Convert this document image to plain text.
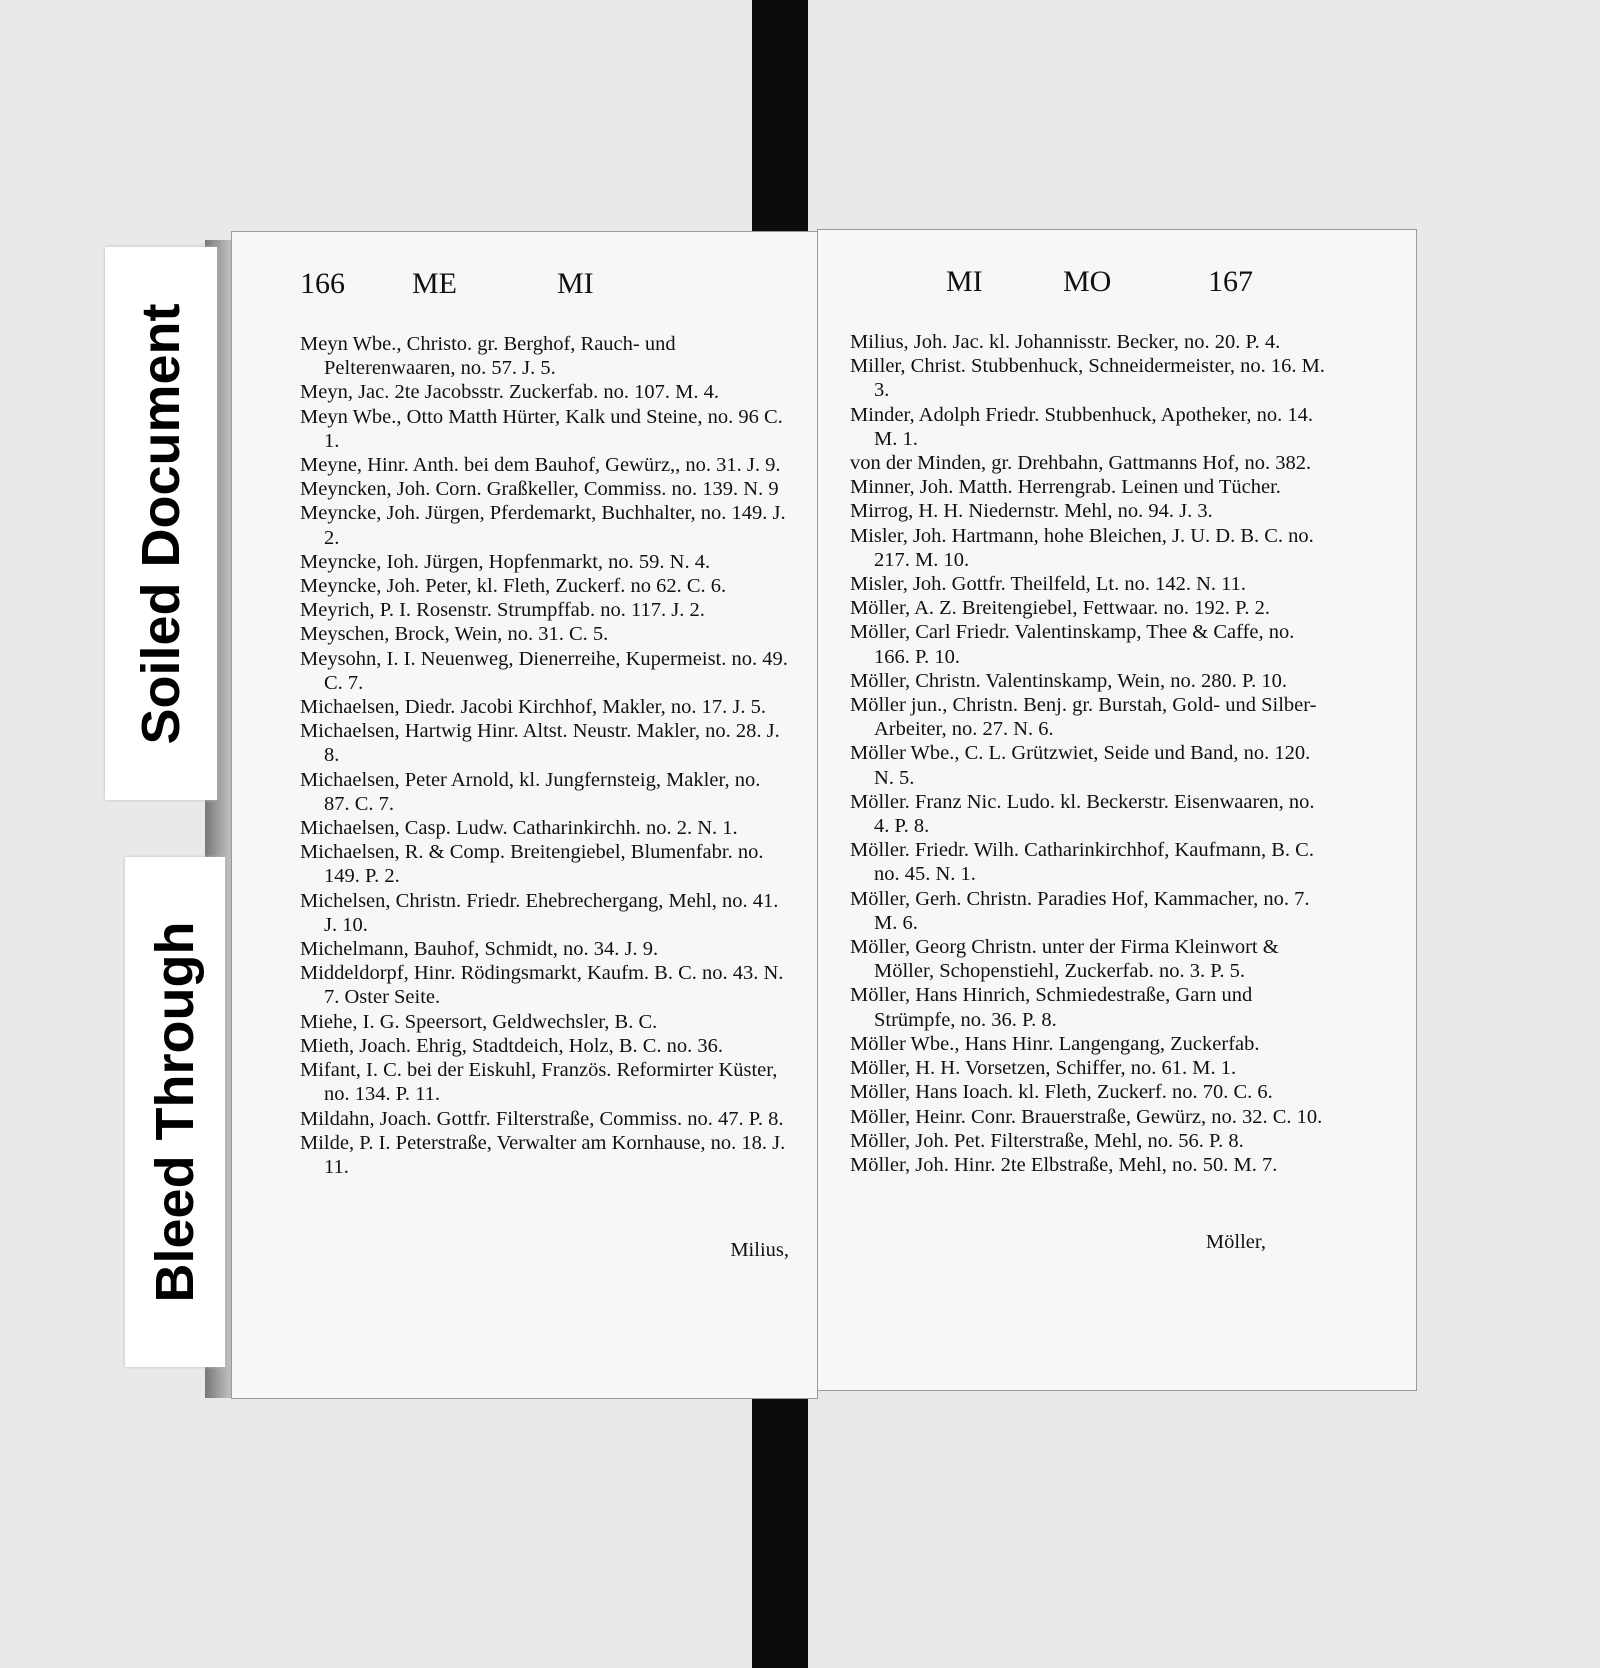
166 ME	MI
Meyn Wbe., Christo. gr. Berghof, Rauch- und Pelterenwaaren, no. 57. J. 5.
Meyn, Jac. 2te Jacobsstr. Zuckerfab. no. 107. M. 4.
Meyn Wbe., Otto Matth Hürter, Kalk und Steine, no. 96 C. 1.
Meyne, Hinr. Anth. bei dem Bauhof, Gewürz,, no. 31. J. 9.
Meyncken, Joh. Corn. Graßkeller, Commiss. no. 139. N. 9
Meyncke, Joh. Jürgen, Pferdemarkt, Buchhalter, no. 149. J. 2.
Meyncke, Ioh. Jürgen, Hopfenmarkt, no. 59. N. 4.
Meyncke, Joh. Peter, kl. Fleth, Zuckerf. no 62. C. 6.
Meyrich, P. I. Rosenstr. Strumpffab. no. 117. J. 2.
Meyschen, Brock, Wein, no. 31. C. 5.
Meysohn, I. I. Neuenweg, Dienerreihe, Kupermeist. no. 49. C. 7.
Michaelsen, Diedr. Jacobi Kirchhof, Makler, no. 17. J. 5.
Michaelsen, Hartwig Hinr. Altst. Neustr. Makler, no. 28. J. 8.
Michaelsen, Peter Arnold, kl. Jungfernsteig, Makler, no. 87. C. 7.
Michaelsen, Casp. Ludw. Catharinkirchh. no. 2. N. 1.
Michaelsen, R. & Comp. Breitengiebel, Blumenfabr. no. 149. P. 2.
Michelsen, Christn. Friedr. Ehebrechergang, Mehl, no. 41. J. 10.
Michelmann, Bauhof, Schmidt, no. 34. J. 9.
Middeldorpf, Hinr. Rödingsmarkt, Kaufm. B. C. no. 43. N. 7. Oster Seite.
Miehe, I. G. Speersort, Geldwechsler, B. C.
Mieth, Joach. Ehrig, Stadtdeich, Holz, B. C. no. 36.
Mifant, I. C. bei der Eiskuhl, Französ. Reformirter Küster, no. 134. P. 11.
Mildahn, Joach. Gottfr. Filterstraße, Commiss. no. 47. P. 8.
Milde, P. I. Peterstraße, Verwalter am Kornhause, no. 18. J. 11.
Milius,
MI	MO	167
Milius, Joh. Jac. kl. Johannisstr. Becker, no. 20. P. 4.
Miller, Christ. Stubbenhuck, Schneidermeister, no. 16. M. 3.
Minder, Adolph Friedr. Stubbenhuck, Apotheker, no. 14. M. 1.
von der Minden, gr. Drehbahn, Gattmanns Hof, no. 382.
Minner, Joh. Matth. Herrengrab. Leinen und Tücher.
Mirrog, H. H. Niedernstr. Mehl, no. 94. J. 3.
Misler, Joh. Hartmann, hohe Bleichen, J. U. D. B. C. no. 217. M. 10.
Misler, Joh. Gottfr. Theilfeld, Lt. no. 142. N. 11.
Möller, A. Z. Breitengiebel, Fettwaar. no. 192. P. 2.
Möller, Carl Friedr. Valentinskamp, Thee & Caffe, no. 166. P. 10.
Möller, Christn. Valentinskamp, Wein, no. 280. P. 10.
Möller jun., Christn. Benj. gr. Burstah, Gold- und Silber-Arbeiter, no. 27. N. 6.
Möller Wbe., C. L. Grützwiet, Seide und Band, no. 120. N. 5.
Möller. Franz Nic. Ludo. kl. Beckerstr. Eisenwaaren, no. 4. P. 8.
Möller. Friedr. Wilh. Catharinkirchhof, Kaufmann, B. C. no. 45. N. 1.
Möller, Gerh. Christn. Paradies Hof, Kammacher, no. 7. M. 6.
Möller, Georg Christn. unter der Firma Kleinwort & Möller, Schopenstiehl, Zuckerfab. no. 3. P. 5.
Möller, Hans Hinrich, Schmiedestraße, Garn und Strümpfe, no. 36. P. 8.
Möller Wbe., Hans Hinr. Langengang, Zuckerfab.
Möller, H. H. Vorsetzen, Schiffer, no. 61. M. 1.
Möller, Hans Ioach. kl. Fleth, Zuckerf. no. 70. C. 6.
Möller, Heinr. Conr. Brauerstraße, Gewürz, no. 32. C. 10.
Möller, Joh. Pet. Filterstraße, Mehl, no. 56. P. 8.
Möller, Joh. Hinr. 2te Elbstraße, Mehl, no. 50. M. 7.
Möller,
Soiled Document
Bleed Through
